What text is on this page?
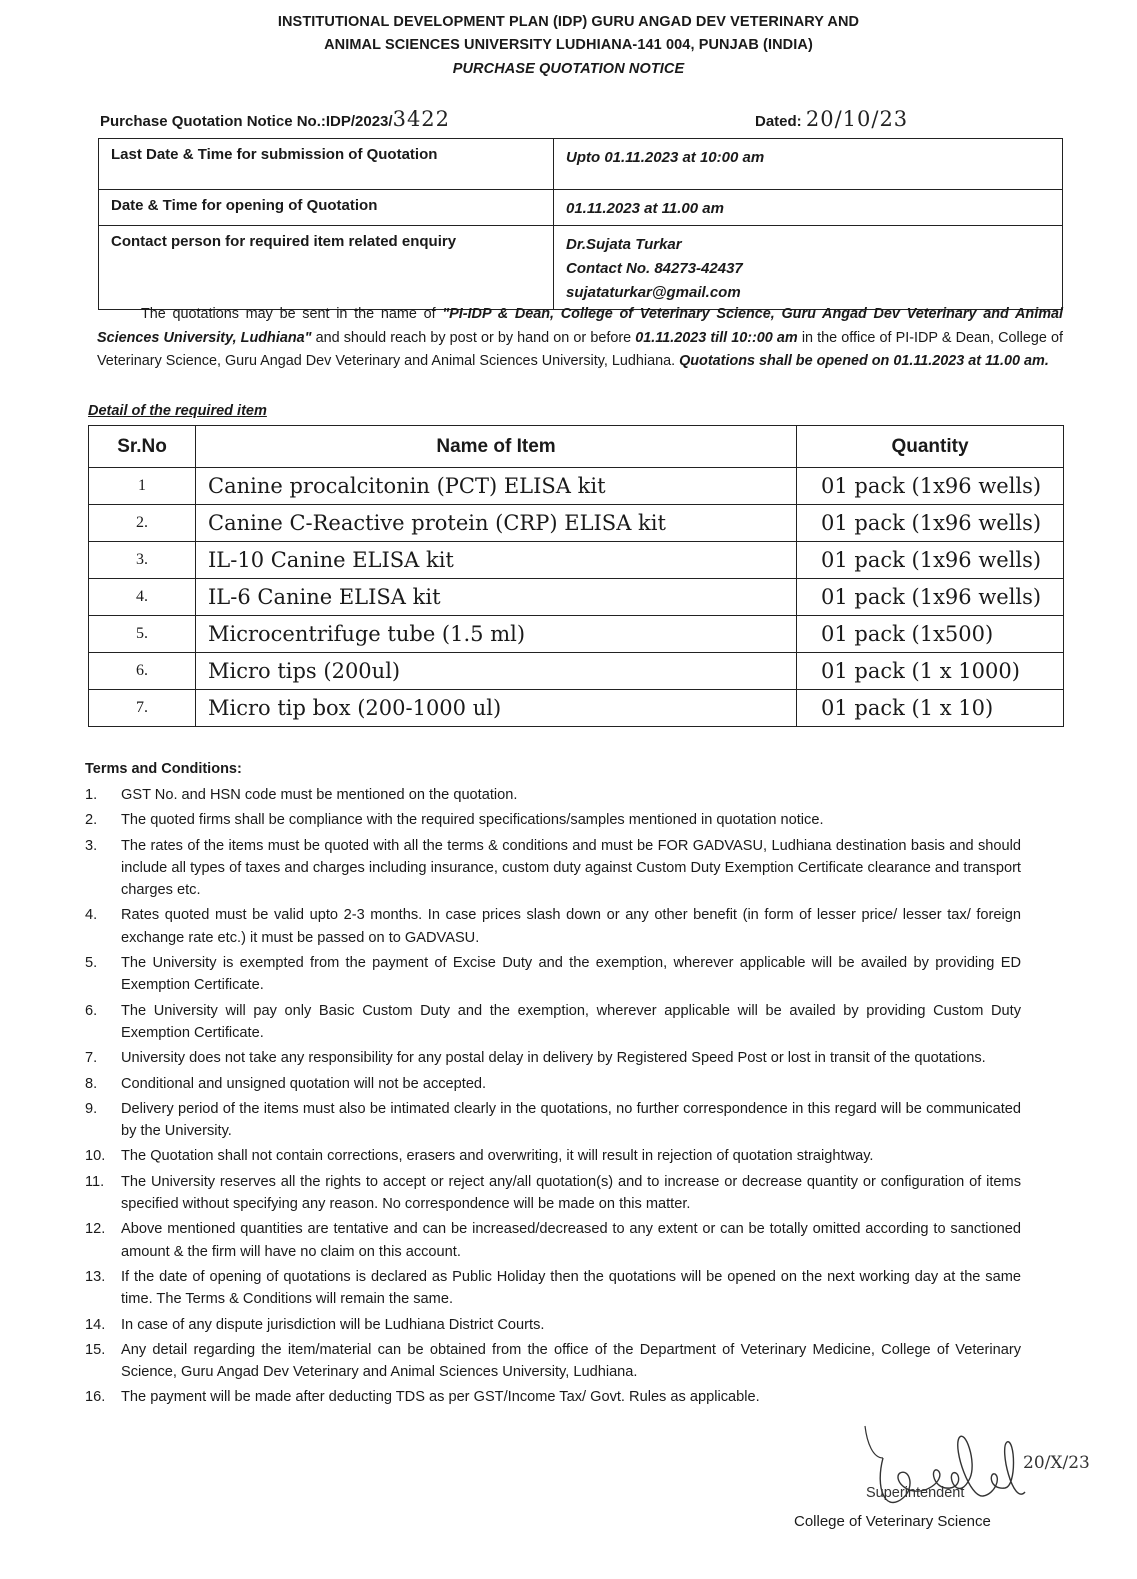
INSTITUTIONAL DEVELOPMENT PLAN (IDP) GURU ANGAD DEV VETERINARY AND
ANIMAL SCIENCES UNIVERSITY LUDHIANA-141 004, PUNJAB (INDIA)
PURCHASE QUOTATION NOTICE
Purchase Quotation Notice No.:IDP/2023/3422	Dated: 20/10/23
Last Date & Time for submission of Quotation	Upto 01.11.2023 at 10:00 am
Date & Time for opening of Quotation	01.11.2023 at 11.00 am
Contact person for required item related enquiry	Dr.Sujata Turkar
Contact No. 84273-42437
sujataturkar@gmail.com
The quotations may be sent in the name of "PI-IDP & Dean, College of Veterinary Science, Guru Angad Dev Veterinary and Animal Sciences University, Ludhiana" and should reach by post or by hand on or before 01.11.2023 till 10::00 am in the office of PI-IDP & Dean, College of Veterinary Science, Guru Angad Dev Veterinary and Animal Sciences University, Ludhiana. Quotations shall be opened on 01.11.2023 at 11.00 am.
Detail of the required item
Sr.No	Name of Item	Quantity
1	Canine procalcitonin (PCT) ELISA kit	01 pack (1x96 wells)
2.	Canine C-Reactive protein (CRP) ELISA kit	01 pack (1x96 wells)
3.	IL-10 Canine ELISA kit	01 pack (1x96 wells)
4.	IL-6 Canine ELISA kit	01 pack (1x96 wells)
5.	Microcentrifuge tube (1.5 ml)	01 pack (1x500)
6.	Micro tips (200ul)	01 pack (1 x 1000)
7.	Micro tip box (200-1000 ul)	01 pack (1 x 10)
Terms and Conditions:
1. GST No. and HSN code must be mentioned on the quotation.
2. The quoted firms shall be compliance with the required specifications/samples mentioned in quotation notice.
3. The rates of the items must be quoted with all the terms & conditions and must be FOR GADVASU, Ludhiana destination basis and should include all types of taxes and charges including insurance, custom duty against Custom Duty Exemption Certificate clearance and transport charges etc.
4. Rates quoted must be valid upto 2-3 months. In case prices slash down or any other benefit (in form of lesser price/ lesser tax/ foreign exchange rate etc.) it must be passed on to GADVASU.
5. The University is exempted from the payment of Excise Duty and the exemption, wherever applicable will be availed by providing ED Exemption Certificate.
6. The University will pay only Basic Custom Duty and the exemption, wherever applicable will be availed by providing Custom Duty Exemption Certificate.
7. University does not take any responsibility for any postal delay in delivery by Registered Speed Post or lost in transit of the quotations.
8. Conditional and unsigned quotation will not be accepted.
9. Delivery period of the items must also be intimated clearly in the quotations, no further correspondence in this regard will be communicated by the University.
10. The Quotation shall not contain corrections, erasers and overwriting, it will result in rejection of quotation straightway.
11. The University reserves all the rights to accept or reject any/all quotation(s) and to increase or decrease quantity or configuration of items specified without specifying any reason. No correspondence will be made on this matter.
12. Above mentioned quantities are tentative and can be increased/decreased to any extent or can be totally omitted according to sanctioned amount & the firm will have no claim on this account.
13. If the date of opening of quotations is declared as Public Holiday then the quotations will be opened on the next working day at the same time. The Terms & Conditions will remain the same.
14. In case of any dispute jurisdiction will be Ludhiana District Courts.
15. Any detail regarding the item/material can be obtained from the office of the Department of Veterinary Medicine, College of Veterinary Science, Guru Angad Dev Veterinary and Animal Sciences University, Ludhiana.
16. The payment will be made after deducting TDS as per GST/Income Tax/ Govt. Rules as applicable.
20/X/23
Superintendent
College of Veterinary Science
